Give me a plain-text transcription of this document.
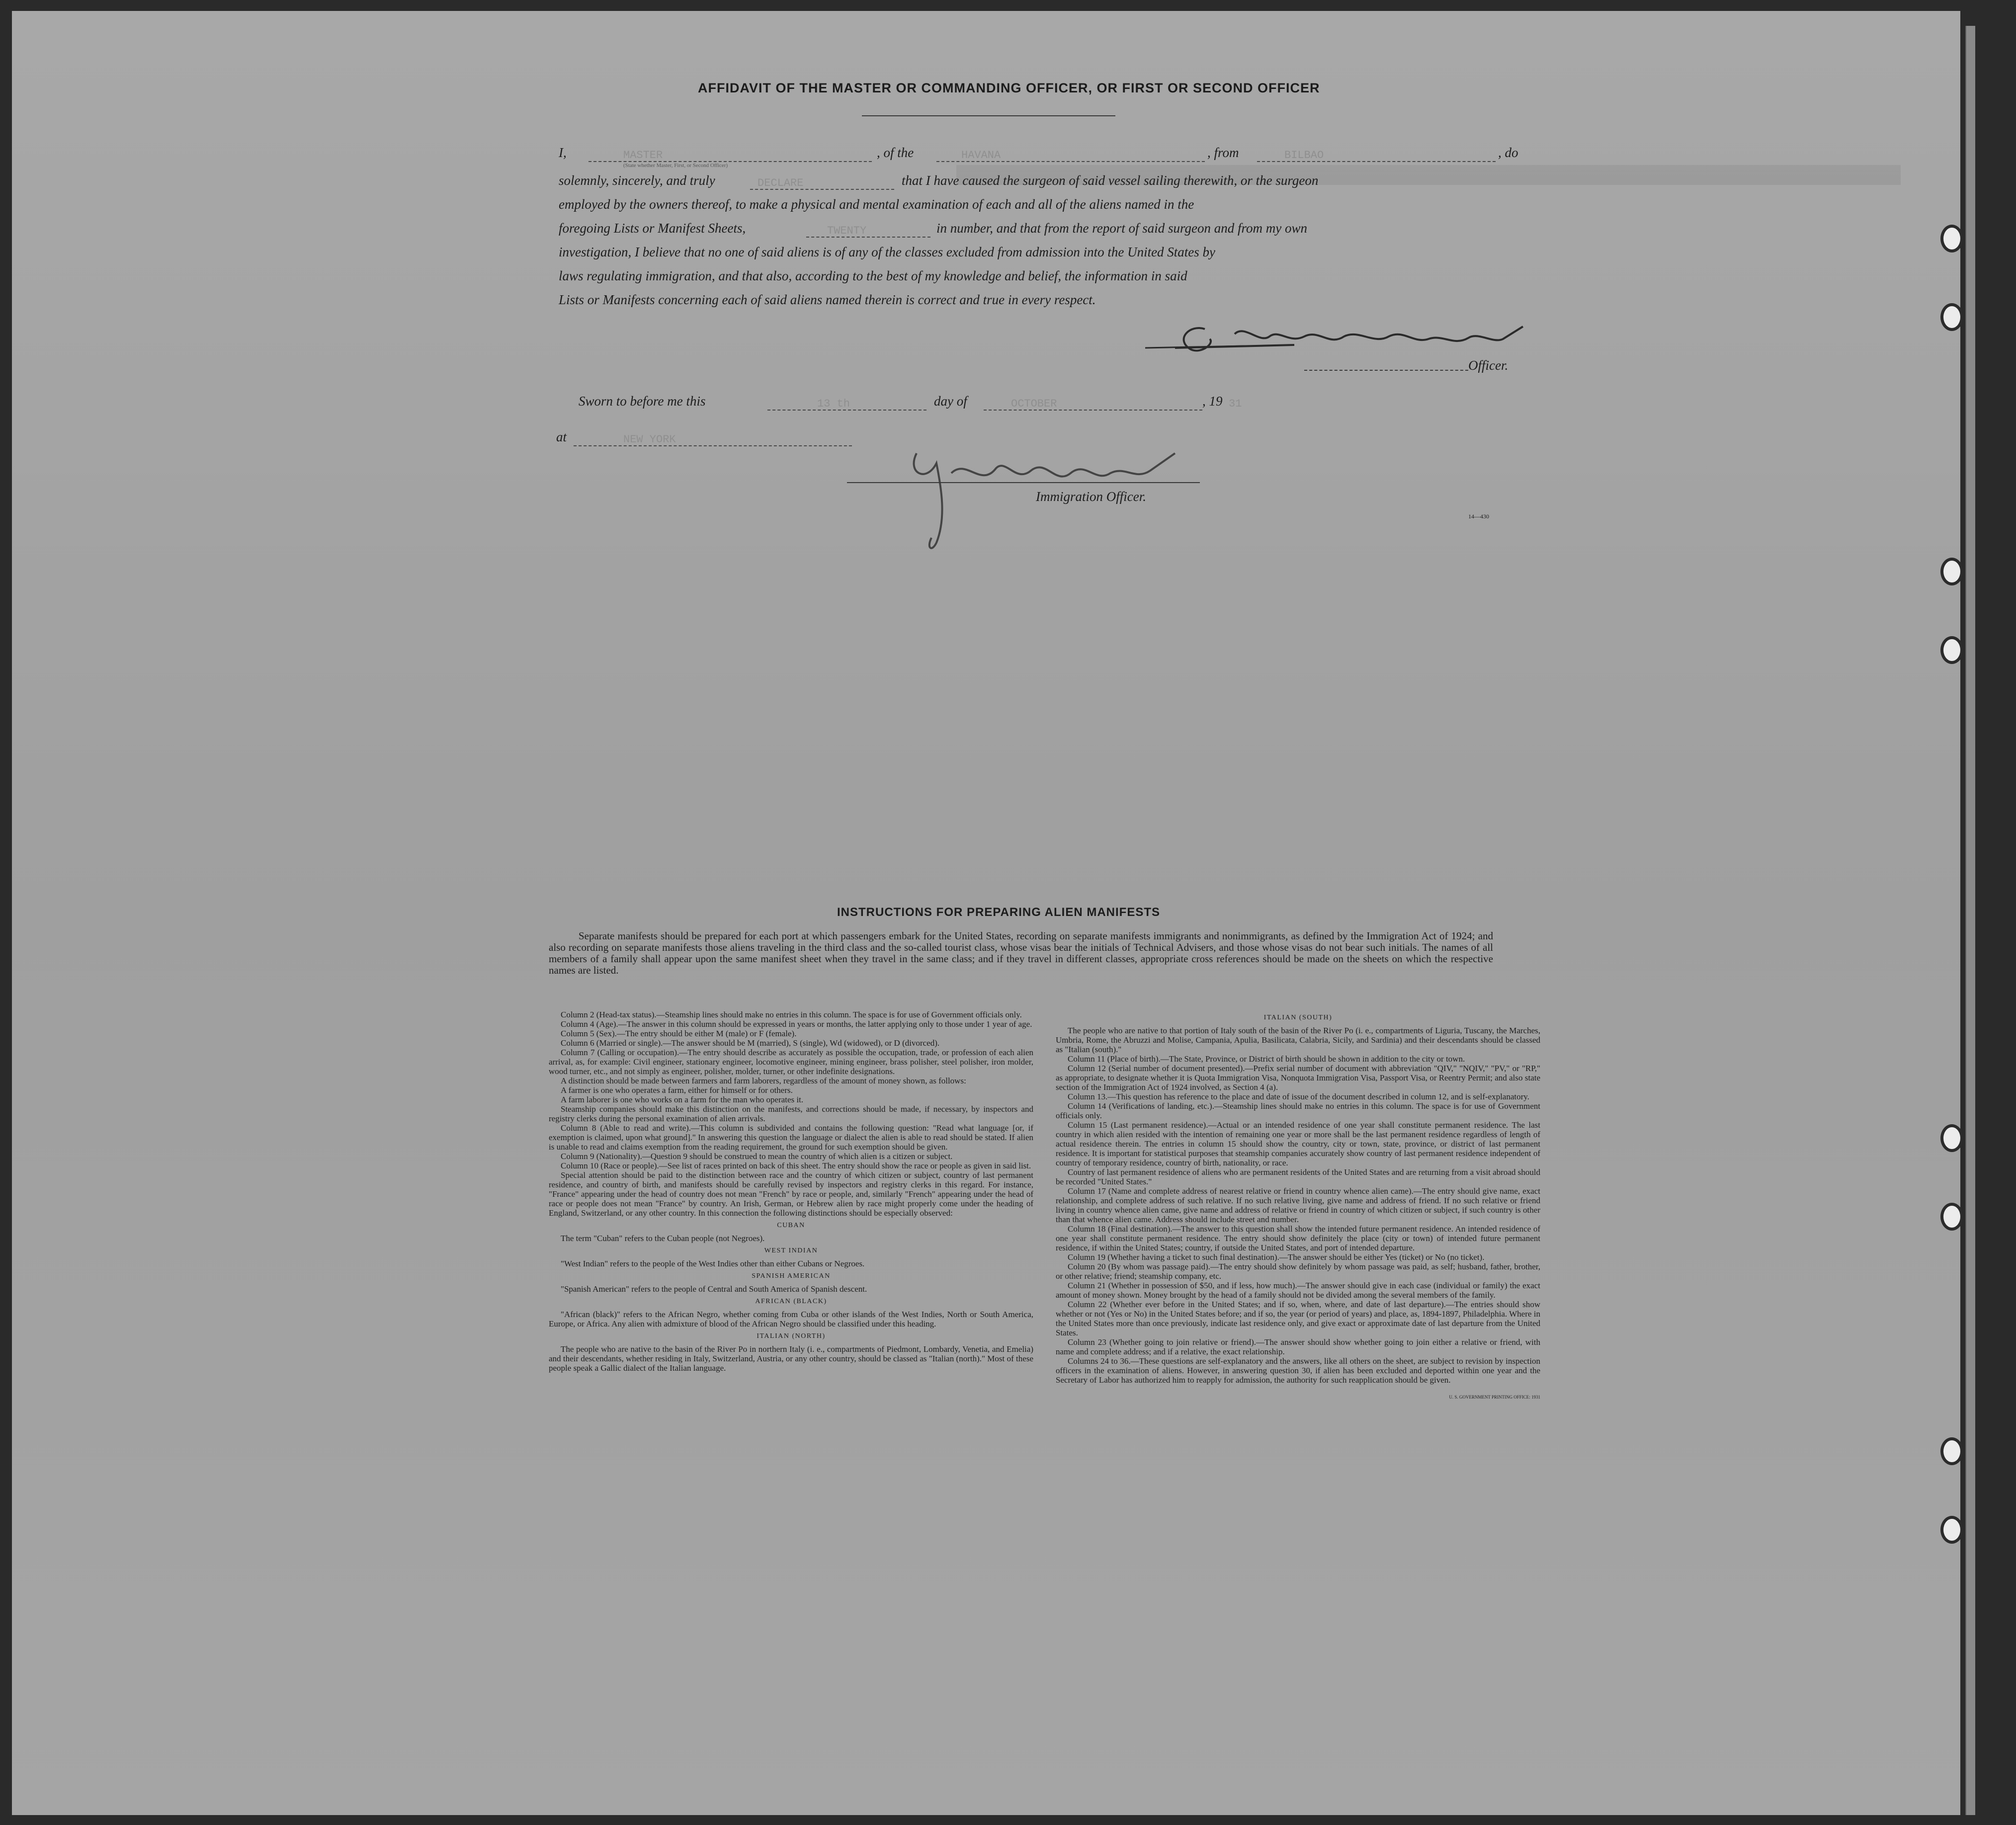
AFFIDAVIT OF THE MASTER OR COMMANDING OFFICER, OR FIRST OR SECOND OFFICER
I,	MASTER
(State whether Master, First, or Second Officer)
, of the	HAVANA	, from	BILBAO	, do
solemnly, sincerely, and truly	DECLARE	that I have caused the surgeon of said vessel sailing therewith, or the surgeon
employed by the owners thereof, to make a physical and mental examination of each and all of the aliens named in the
foregoing Lists or Manifest Sheets,	TWENTY	in number, and that from the report of said surgeon and from my own
investigation, I believe that no one of said aliens is of any of the classes excluded from admission into the United States by
laws regulating immigration, and that also, according to the best of my knowledge and belief, the information in said
Lists or Manifests concerning each of said aliens named therein is correct and true in every respect.
Officer.
Sworn to before me this	13 th	day of	OCTOBER	, 19 31
at	NEW YORK
Immigration Officer.
14—430
INSTRUCTIONS FOR PREPARING ALIEN MANIFESTS
Separate manifests should be prepared for each port at which passengers embark for the United States, recording on separate manifests immigrants and nonimmigrants, as defined by the Immigration Act of 1924; and also recording on separate manifests those aliens traveling in the third class and the so-called tourist class, whose visas bear the initials of Technical Advisers, and those whose visas do not bear such initials. The names of all members of a family shall appear upon the same manifest sheet when they travel in the same class; and if they travel in different classes, appropriate cross references should be made on the sheets on which the respective names are listed.
Column 2 (Head-tax status).—Steamship lines should make no entries in this column. The space is for use of Government officials only.
Column 4 (Age).—The answer in this column should be expressed in years or months, the latter applying only to those under 1 year of age.
Column 5 (Sex).—The entry should be either M (male) or F (female).
Column 6 (Married or single).—The answer should be M (married), S (single), Wd (widowed), or D (divorced).
Column 7 (Calling or occupation).—The entry should describe as accurately as possible the occupation, trade, or profession of each alien arrival, as, for example: Civil engineer, stationary engineer, locomotive engineer, mining engineer, brass polisher, steel polisher, iron molder, wood turner, etc., and not simply as engineer, polisher, molder, turner, or other indefinite designations.
A distinction should be made between farmers and farm laborers, regardless of the amount of money shown, as follows:
A farmer is one who operates a farm, either for himself or for others.
A farm laborer is one who works on a farm for the man who operates it.
Steamship companies should make this distinction on the manifests, and corrections should be made, if necessary, by inspectors and registry clerks during the personal examination of alien arrivals.
Column 8 (Able to read and write).—This column is subdivided and contains the following question: "Read what language [or, if exemption is claimed, upon what ground]." In answering this question the language or dialect the alien is able to read should be stated. If alien is unable to read and claims exemption from the reading requirement, the ground for such exemption should be given.
Column 9 (Nationality).—Question 9 should be construed to mean the country of which alien is a citizen or subject.
Column 10 (Race or people).—See list of races printed on back of this sheet. The entry should show the race or people as given in said list.
Special attention should be paid to the distinction between race and the country of which citizen or subject, country of last permanent residence, and country of birth, and manifests should be carefully revised by inspectors and registry clerks in this regard. For instance, "France" appearing under the head of country does not mean "French" by race or people, and, similarly "French" appearing under the head of race or people does not mean "France" by country. An Irish, German, or Hebrew alien by race might properly come under the heading of England, Switzerland, or any other country. In this connection the following distinctions should be especially observed:
CUBAN
The term "Cuban" refers to the Cuban people (not Negroes).
WEST INDIAN
"West Indian" refers to the people of the West Indies other than either Cubans or Negroes.
SPANISH AMERICAN
"Spanish American" refers to the people of Central and South America of Spanish descent.
AFRICAN (BLACK)
"African (black)" refers to the African Negro, whether coming from Cuba or other islands of the West Indies, North or South America, Europe, or Africa. Any alien with admixture of blood of the African Negro should be classified under this heading.
ITALIAN (NORTH)
The people who are native to the basin of the River Po in northern Italy (i. e., compartments of Piedmont, Lombardy, Venetia, and Emelia) and their descendants, whether residing in Italy, Switzerland, Austria, or any other country, should be classed as "Italian (north)." Most of these people speak a Gallic dialect of the Italian language.
ITALIAN (SOUTH)
The people who are native to that portion of Italy south of the basin of the River Po (i. e., compartments of Liguria, Tuscany, the Marches, Umbria, Rome, the Abruzzi and Molise, Campania, Apulia, Basilicata, Calabria, Sicily, and Sardinia) and their descendants should be classed as "Italian (south)."
Column 11 (Place of birth).—The State, Province, or District of birth should be shown in addition to the city or town.
Column 12 (Serial number of document presented).—Prefix serial number of document with abbreviation "QIV," "NQIV," "PV," or "RP," as appropriate, to designate whether it is Quota Immigration Visa, Nonquota Immigration Visa, Passport Visa, or Reentry Permit; and also state section of the Immigration Act of 1924 involved, as Section 4 (a).
Column 13.—This question has reference to the place and date of issue of the document described in column 12, and is self-explanatory.
Column 14 (Verifications of landing, etc.).—Steamship lines should make no entries in this column. The space is for use of Government officials only.
Column 15 (Last permanent residence).—Actual or an intended residence of one year shall constitute permanent residence. The last country in which alien resided with the intention of remaining one year or more shall be the last permanent residence regardless of length of actual residence therein. The entries in column 15 should show the country, city or town, state, province, or district of last permanent residence. It is important for statistical purposes that steamship companies accurately show country of last permanent residence independent of country of temporary residence, country of birth, nationality, or race.
Country of last permanent residence of aliens who are permanent residents of the United States and are returning from a visit abroad should be recorded "United States."
Column 17 (Name and complete address of nearest relative or friend in country whence alien came).—The entry should give name, exact relationship, and complete address of such relative. If no such relative living, give name and address of friend. If no such relative or friend living in country whence alien came, give name and address of relative or friend in country of which citizen or subject, if such country is other than that whence alien came. Address should include street and number.
Column 18 (Final destination).—The answer to this question shall show the intended future permanent residence. An intended residence of one year shall constitute permanent residence. The entry should show definitely the place (city or town) of intended future permanent residence, if within the United States; country, if outside the United States, and port of intended departure.
Column 19 (Whether having a ticket to such final destination).—The answer should be either Yes (ticket) or No (no ticket).
Column 20 (By whom was passage paid).—The entry should show definitely by whom passage was paid, as self; husband, father, brother, or other relative; friend; steamship company, etc.
Column 21 (Whether in possession of $50, and if less, how much).—The answer should give in each case (individual or family) the exact amount of money shown. Money brought by the head of a family should not be divided among the several members of the family.
Column 22 (Whether ever before in the United States; and if so, when, where, and date of last departure).—The entries should show whether or not (Yes or No) in the United States before; and if so, the year (or period of years) and place, as, 1894-1897, Philadelphia. Where in the United States more than once previously, indicate last residence only, and give exact or approximate date of last departure from the United States.
Column 23 (Whether going to join relative or friend).—The answer should show whether going to join either a relative or friend, with name and complete address; and if a relative, the exact relationship.
Columns 24 to 36.—These questions are self-explanatory and the answers, like all others on the sheet, are subject to revision by inspection officers in the examination of aliens. However, in answering question 30, if alien has been excluded and deported within one year and the Secretary of Labor has authorized him to reapply for admission, the authority for such reapplication should be given.
U. S. GOVERNMENT PRINTING OFFICE: 1931
